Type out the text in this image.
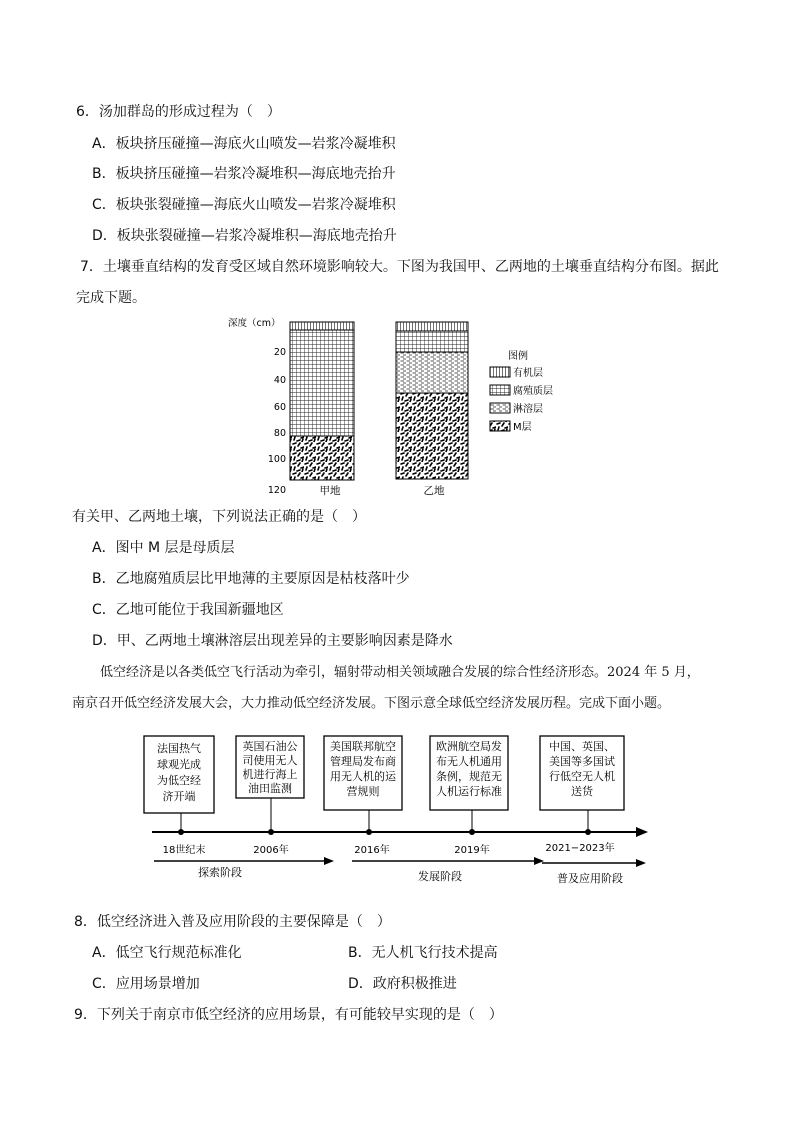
6．汤加群岛的形成过程为（　）
A．板块挤压碰撞—海底火山喷发—岩浆冷凝堆积
B．板块挤压碰撞—岩浆冷凝堆积—海底地壳抬升
C．板块张裂碰撞—海底火山喷发—岩浆冷凝堆积
D．板块张裂碰撞—岩浆冷凝堆积—海底地壳抬升
7．土壤垂直结构的发育受区域自然环境影响较大。下图为我国甲、乙两地的土壤垂直结构分布图。据此
完成下题。
深度（cm）
20
40
60
80
100
120	甲地	乙地
图例
有机层
腐殖质层
淋溶层
M层
有关甲、乙两地土壤，下列说法正确的是（　）
A．图中 M 层是母质层
B．乙地腐殖质层比甲地薄的主要原因是枯枝落叶少
C．乙地可能位于我国新疆地区
D．甲、乙两地土壤淋溶层出现差异的主要影响因素是降水
低空经济是以各类低空飞行活动为牵引，辐射带动相关领域融合发展的综合性经济形态。2024 年 5 月，
南京召开低空经济发展大会，大力推动低空经济发展。下图示意全球低空经济发展历程。完成下面小题。
法国热气
球观光成
为低空经
济开端
18世纪末
英国石油公
司使用无人
机进行海上
油田监测
2006年
美国联邦航空
管理局发布商
用无人机的运
营规则
2016年
欧洲航空局发
布无人机通用
条例，规范无
人机运行标准
2019年
中国、英国、
美国等多国试
行低空无人机
送货
2021−2023年
探索阶段	发展阶段	普及应用阶段
8．低空经济进入普及应用阶段的主要保障是（　）
A．低空飞行规范标准化	B．无人机飞行技术提高
C．应用场景增加	D．政府积极推进
9．下列关于南京市低空经济的应用场景，有可能较早实现的是（　）
